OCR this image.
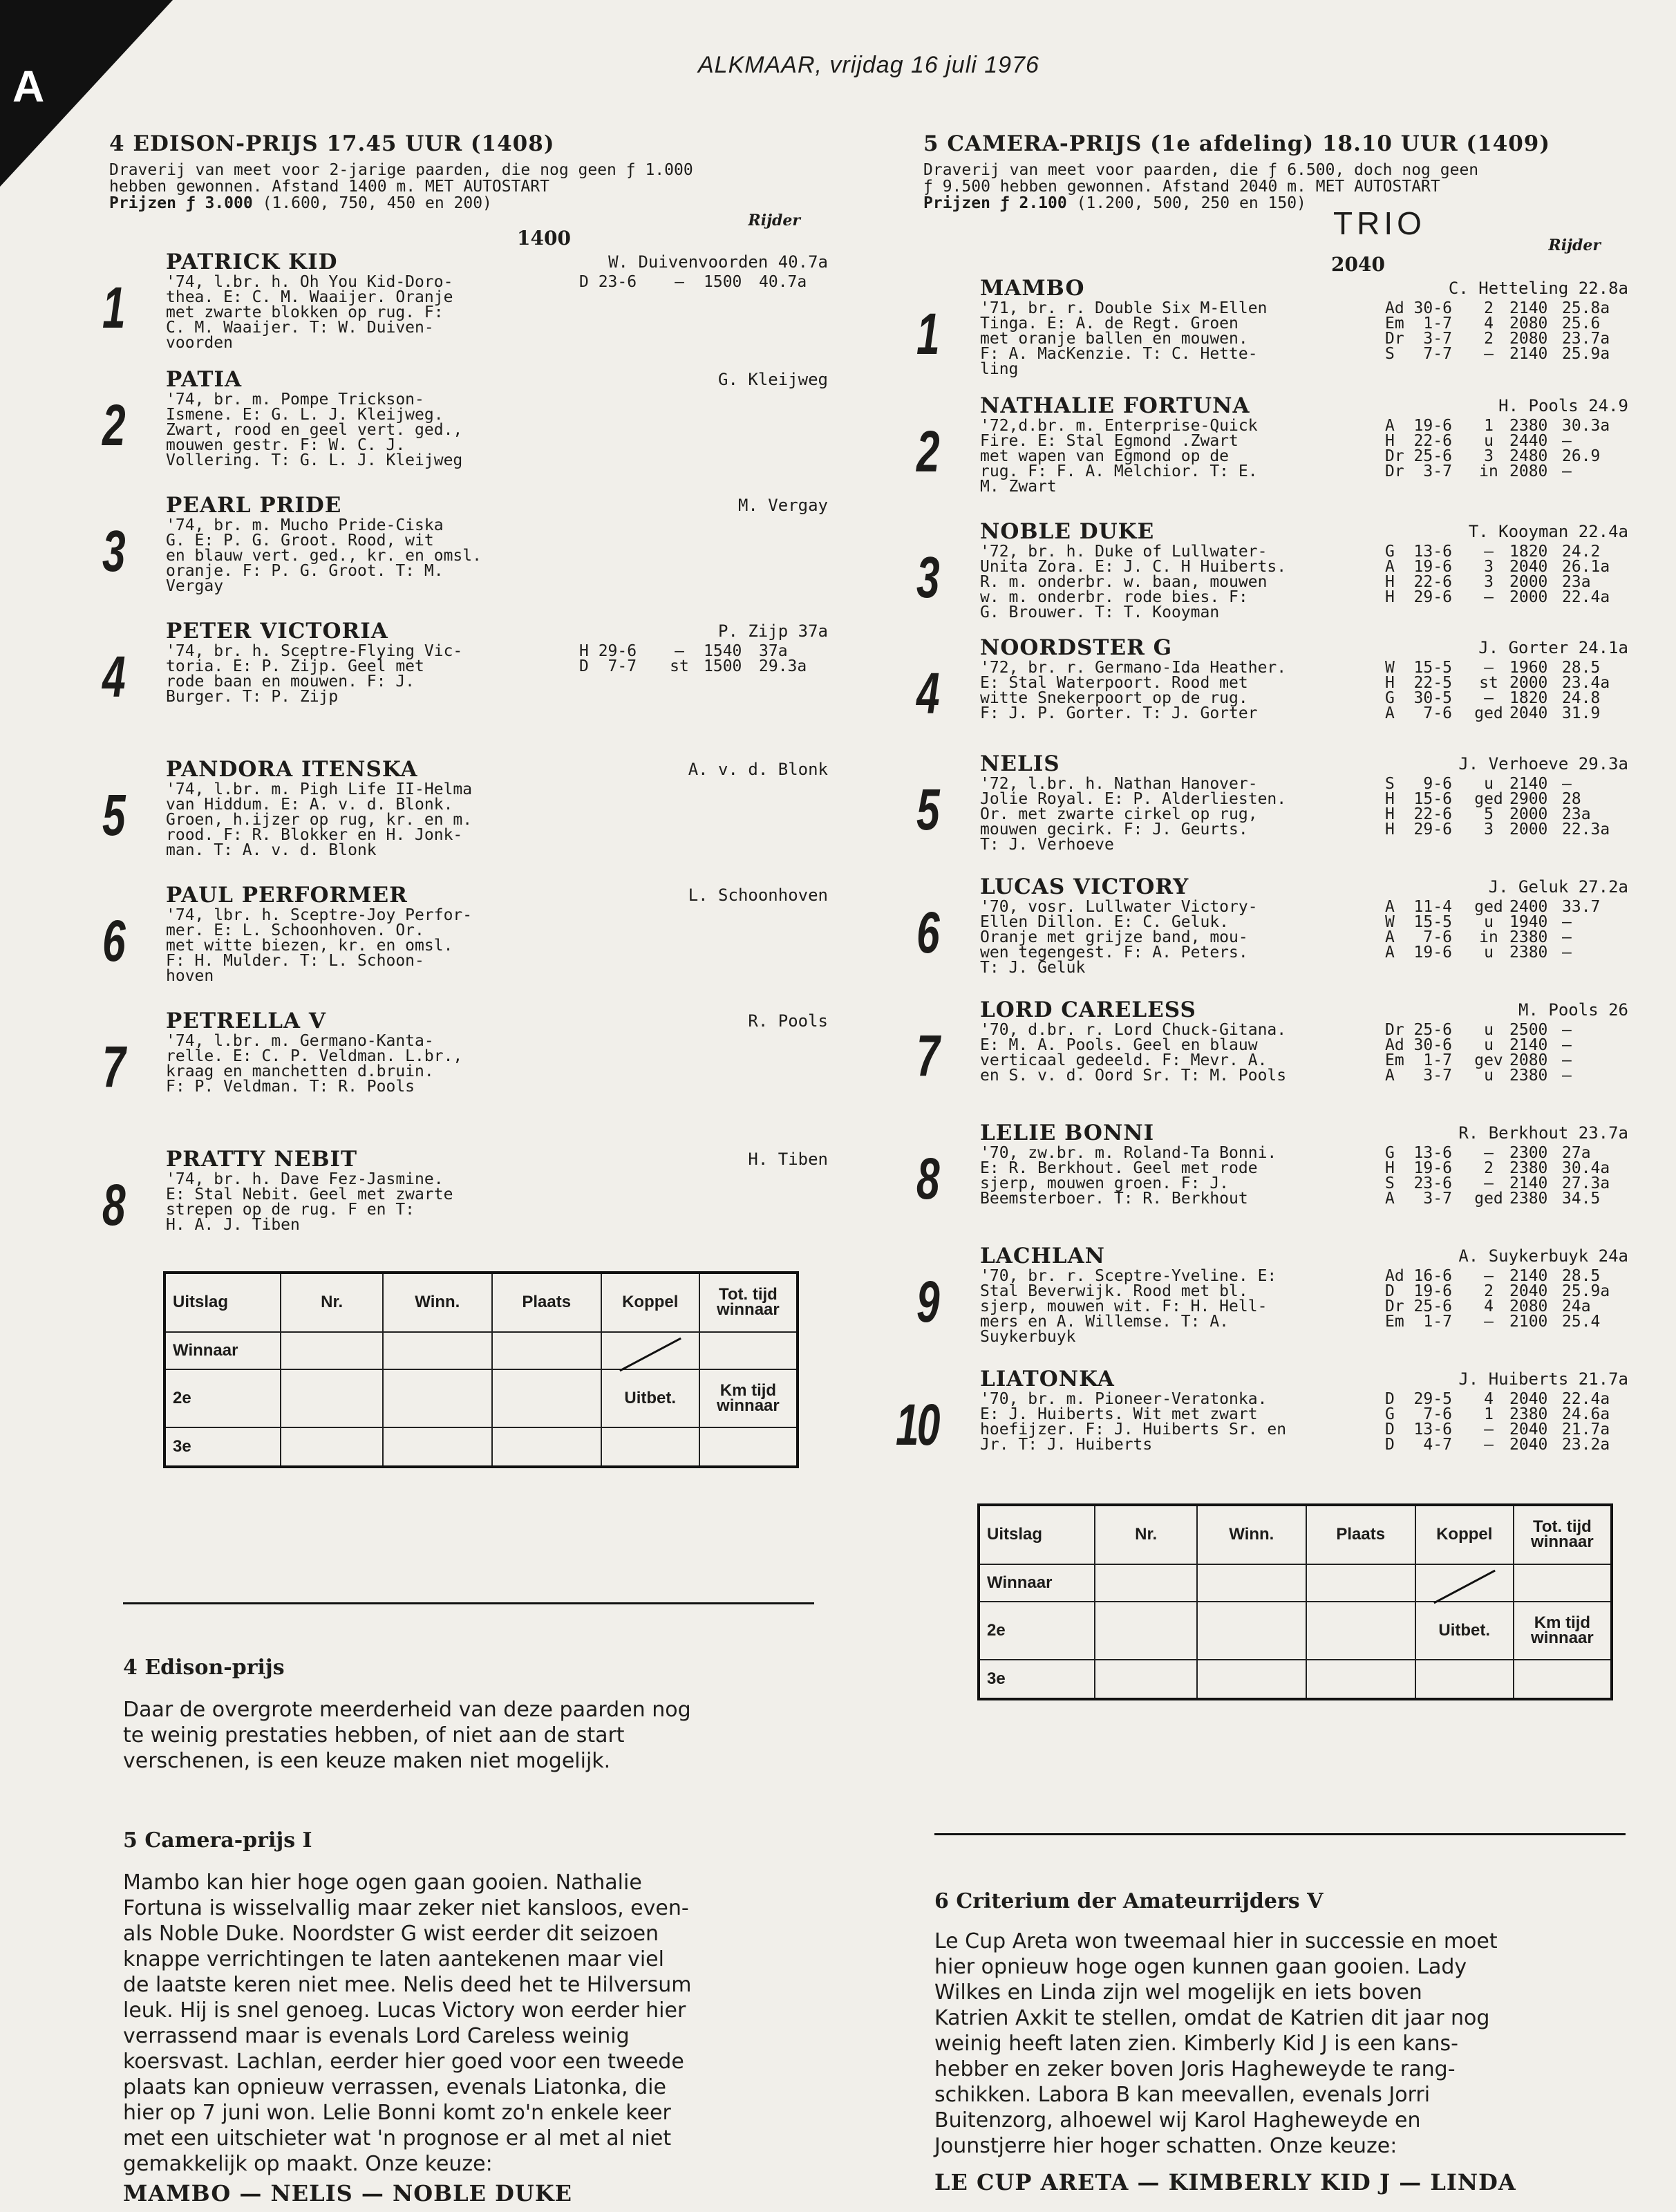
A	ALKMAAR, vrijdag 16 juli 1976
4 EDISON-PRIJS 17.45 UUR (1408)
Draverij van meet voor 2-jarige paarden, die nog geen ƒ 1.000
hebben gewonnen. Afstand 1400 m. MET AUTOSTART
Prijzen ƒ 3.000 (1.600, 750, 450 en 200)
Rijder
1400
1
PATRICK KID	W. Duivenvoorden 40.7a
'74, l.br. h. Oh You Kid-Doro-
thea. E: C. M. Waaijer. Oranje
met zwarte blokken op rug. F:
C. M. Waaijer. T: W. Duiven-
voorden
D 23-6	—	1500	40.7a
2
PATIA	G. Kleijweg
'74, br. m. Pompe Trickson-
Ismene. E: G. L. J. Kleijweg.
Zwart, rood en geel vert. ged.,
mouwen gestr. F: W. C. J.
Vollering. T: G. L. J. Kleijweg
3
PEARL PRIDE	M. Vergay
'74, br. m. Mucho Pride-Ciska
G. E: P. G. Groot. Rood, wit
en blauw vert. ged., kr. en omsl.
oranje. F: P. G. Groot. T: M.
Vergay
4
PETER VICTORIA	P. Zijp 37a
'74, br. h. Sceptre-Flying Vic-
toria. E: P. Zijp. Geel met
rode baan en mouwen. F: J.
Burger. T: P. Zijp
H 29-6	—	1540	37a
D  7-7	st 1500	29.3a
5
PANDORA ITENSKA	A. v. d. Blonk
'74, l.br. m. Pigh Life II-Helma
van Hiddum. E: A. v. d. Blonk.
Groen, h.ijzer op rug, kr. en m.
rood. F: R. Blokker en H. Jonk-
man. T: A. v. d. Blonk
6
PAUL PERFORMER	L. Schoonhoven
'74, lbr. h. Sceptre-Joy Perfor-
mer. E: L. Schoonhoven. Or.
met witte biezen, kr. en omsl.
F: H. Mulder. T: L. Schoon-
hoven
7
PETRELLA V	R. Pools
'74, l.br. m. Germano-Kanta-
relle. E: C. P. Veldman. L.br.,
kraag en manchetten d.bruin.
F: P. Veldman. T: R. Pools
8
PRATTY NEBIT	H. Tiben
'74, br. h. Dave Fez-Jasmine.
E: Stal Nebit. Geel met zwarte
strepen op de rug. F en T:
H. A. J. Tiben
Uitslag	Nr.	Winn.	Plaats	Koppel	Tot. tijd
winnaar

Winnaar					
2e				Uitbet.	Km tijd
winnaar

3e					
5 CAMERA-PRIJS (1e afdeling) 18.10 UUR (1409)
Draverij van meet voor paarden, die ƒ 6.500, doch nog geen
ƒ 9.500 hebben gewonnen. Afstand 2040 m. MET AUTOSTART
Prijzen ƒ 2.100 (1.200, 500, 250 en 150)
TRIO
Rijder
2040
1
MAMBO	C. Hetteling 22.8a
'71, br. r. Double Six M-Ellen
Tinga. E: A. de Regt. Groen
met oranje ballen en mouwen.
F: A. MacKenzie. T: C. Hette-
ling
Ad 30-6	2	2140 25.8a
Em  1-7	4	2080 25.6
Dr  3-7	2	2080 23.7a
S   7-7	—	2140 25.9a
2
NATHALIE FORTUNA	H. Pools 24.9
'72,d.br. m. Enterprise-Quick
Fire. E: Stal Egmond .Zwart
met wapen van Egmond op de
rug. F: F. A. Melchior. T: E.
M. Zwart
A  19-6	1	2380 30.3a
H  22-6	u	2440 —
Dr 25-6	3	2480 26.9
Dr  3-7	in 2080 —
3
NOBLE DUKE	T. Kooyman 22.4a
'72, br. h. Duke of Lullwater-
Unita Zora. E: J. C. H Huiberts.
R. m. onderbr. w. baan, mouwen
w. m. onderbr. rode bies. F:
G. Brouwer. T: T. Kooyman
G  13-6	—	1820 24.2
A  19-6	3	2040 26.1a
H  22-6	3	2000 23a
H  29-6	—	2000 22.4a
4
NOORDSTER G	J. Gorter 24.1a
'72, br. r. Germano-Ida Heather.
E: Stal Waterpoort. Rood met
witte Snekerpoort op de rug.
F: J. P. Gorter. T: J. Gorter
W  15-5	—	1960 28.5
H  22-5	st 2000 23.4a
G  30-5	—	1820 24.8
A   7-6	ged 2040 31.9
5
NELIS	J. Verhoeve 29.3a
'72, l.br. h. Nathan Hanover-
Jolie Royal. E: P. Alderliesten.
Or. met zwarte cirkel op rug,
mouwen gecirk. F: J. Geurts.
T: J. Verhoeve
S   9-6	u	2140 —
H  15-6	ged 2900 28
H  22-6	5	2000 23a
H  29-6	3	2000 22.3a
6
LUCAS VICTORY	J. Geluk 27.2a
'70, vosr. Lullwater Victory-
Ellen Dillon. E: C. Geluk.
Oranje met grijze band, mou-
wen tegengest. F: A. Peters.
T: J. Geluk
A  11-4	ged 2400 33.7
W  15-5	u	1940 —
A   7-6	in 2380 —
A  19-6	u	2380 —
7
LORD CARELESS	M. Pools 26
'70, d.br. r. Lord Chuck-Gitana.
E: M. A. Pools. Geel en blauw
verticaal gedeeld. F: Mevr. A.
en S. v. d. Oord Sr. T: M. Pools
Dr 25-6	u	2500 —
Ad 30-6	u	2140 —
Em  1-7	gev 2080 —
A   3-7	u	2380 —
8
LELIE BONNI	R. Berkhout 23.7a
'70, zw.br. m. Roland-Ta Bonni.
E: R. Berkhout. Geel met rode
sjerp, mouwen groen. F: J.
Beemsterboer. T: R. Berkhout
G  13-6	—	2300 27a
H  19-6	2	2380 30.4a
S  23-6	—	2140 27.3a
A   3-7	ged 2380 34.5
9
LACHLAN	A. Suykerbuyk 24a
'70, br. r. Sceptre-Yveline. E:
Stal Beverwijk. Rood met bl.
sjerp, mouwen wit. F: H. Hell-
mers en A. Willemse. T: A.
Suykerbuyk
Ad 16-6	—	2140 28.5
D  19-6	2	2040 25.9a
Dr 25-6	4	2080 24a
Em  1-7	—	2100 25.4
10
LIATONKA	J. Huiberts 21.7a
'70, br. m. Pioneer-Veratonka.
E: J. Huiberts. Wit met zwart
hoefijzer. F: J. Huiberts Sr. en
Jr. T: J. Huiberts
D  29-5	4	2040 22.4a
G   7-6	1	2380 24.6a
D  13-6	—	2040 21.7a
D   4-7	—	2040 23.2a
Uitslag	Nr.	Winn.	Plaats	Koppel	Tot. tijd
winnaar

Winnaar					
2e				Uitbet.	Km tijd
winnaar

3e					
4 Edison-prijs
Daar de overgrote meerderheid van deze paarden nog
te weinig prestaties hebben, of niet aan de start
verschenen, is een keuze maken niet mogelijk.
5 Camera-prijs I
Mambo kan hier hoge ogen gaan gooien. Nathalie
Fortuna is wisselvallig maar zeker niet kansloos, even-
als Noble Duke. Noordster G wist eerder dit seizoen
knappe verrichtingen te laten aantekenen maar viel
de laatste keren niet mee. Nelis deed het te Hilversum
leuk. Hij is snel genoeg. Lucas Victory won eerder hier
verrassend maar is evenals Lord Careless weinig
koersvast. Lachlan, eerder hier goed voor een tweede
plaats kan opnieuw verrassen, evenals Liatonka, die
hier op 7 juni won. Lelie Bonni komt zo'n enkele keer
met een uitschieter wat 'n prognose er al met al niet
gemakkelijk op maakt. Onze keuze:
MAMBO — NELIS — NOBLE DUKE
6 Criterium der Amateurrijders V
Le Cup Areta won tweemaal hier in successie en moet
hier opnieuw hoge ogen kunnen gaan gooien. Lady
Wilkes en Linda zijn wel mogelijk en iets boven
Katrien Axkit te stellen, omdat de Katrien dit jaar nog
weinig heeft laten zien. Kimberly Kid J is een kans-
hebber en zeker boven Joris Hagheweyde te rang-
schikken. Labora B kan meevallen, evenals Jorri
Buitenzorg, alhoewel wij Karol Hagheweyde en
Jounstjerre hier hoger schatten. Onze keuze:
LE CUP ARETA — KIMBERLY KID J — LINDA
